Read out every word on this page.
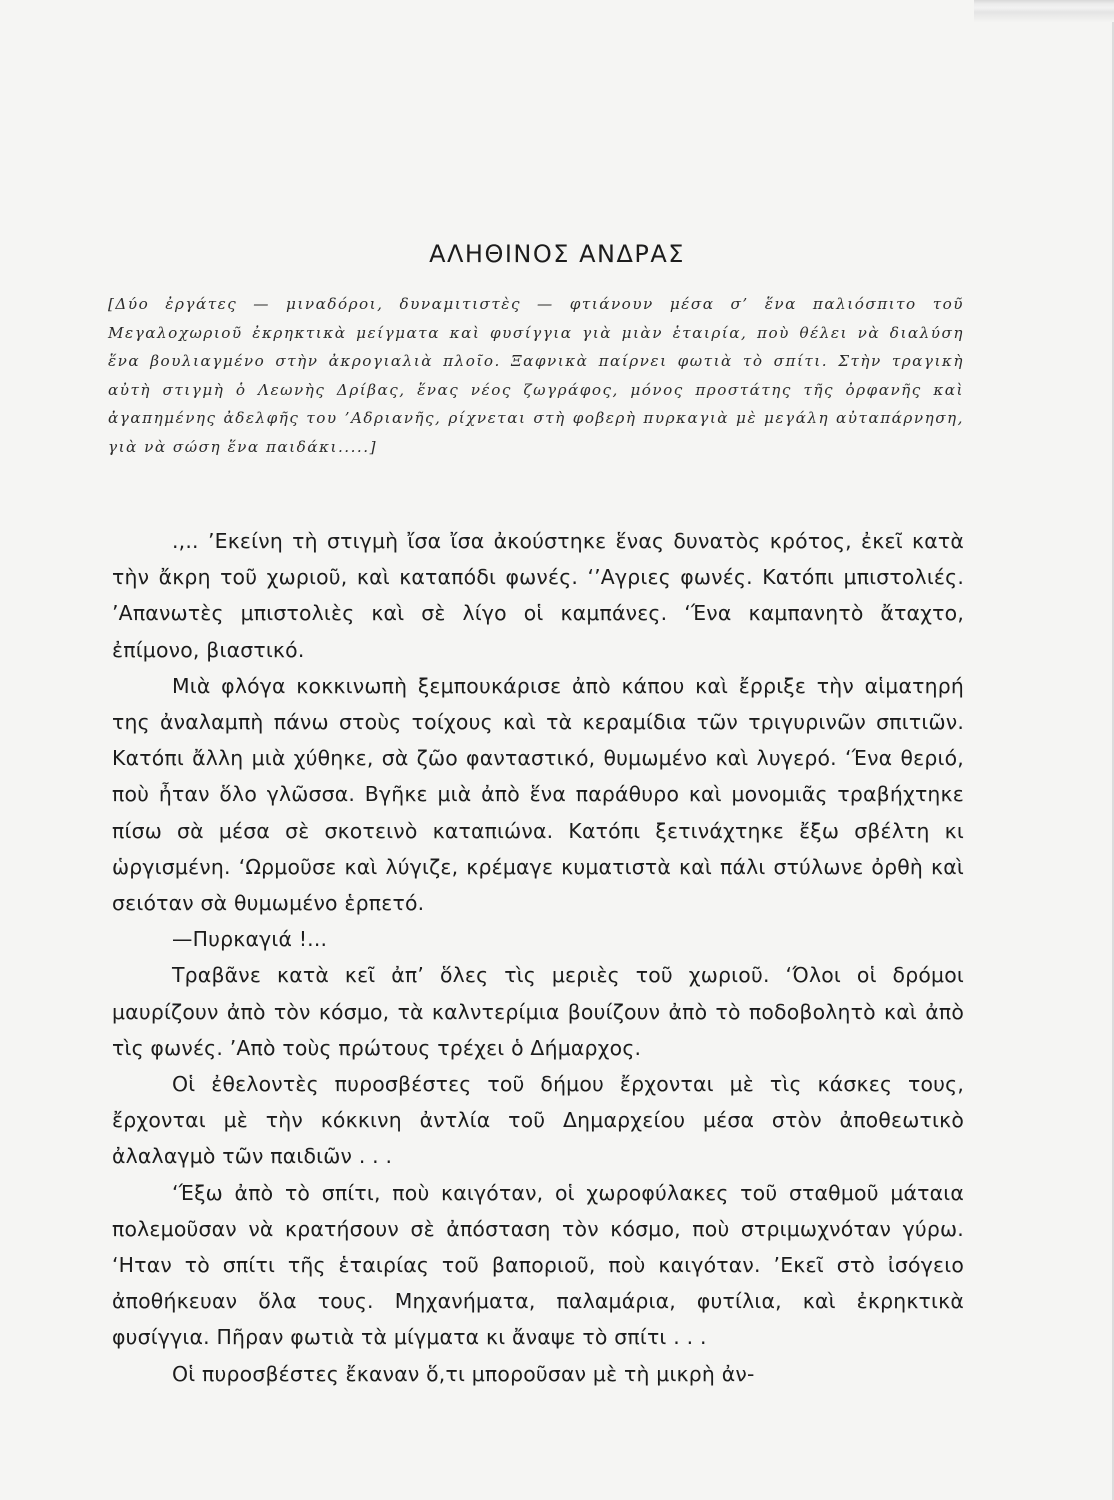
ΑΛΗΘΙΝΟΣ ΑΝΔΡΑΣ
[Δύο ἐργάτες — μιναδόροι, δυναμιτιστὲς — φτιάνουν μέσα σ’ ἕνα παλιόσπιτο τοῦ Μεγαλοχωριοῦ ἐκρηκτικὰ μείγματα καὶ φυσίγγια γιὰ μιὰν ἑταιρία, ποὺ θέλει νὰ διαλύση ἕνα βουλιαγμένο στὴν ἀκρογιαλιὰ πλοῖο. Ξαφνικὰ παίρνει φωτιὰ τὸ σπίτι. Στὴν τραγικὴ αὐτὴ στιγμὴ ὁ Λεωνὴς Δρίβας, ἕνας νέος ζωγράφος, μόνος προστάτης τῆς ὀρφανῆς καὶ ἀγαπημένης ἀδελφῆς του ’Αδριανῆς, ρίχνεται στὴ φοβερὴ πυρκαγιὰ μὲ μεγάλη αὐταπάρνηση, γιὰ νὰ σώση ἕνα παιδάκι.....]

.,.. ’Εκείνη τὴ στιγμὴ ἴσα ἴσα ἀκούστηκε ἕνας δυνατὸς κρότος, ἐκεῖ κατὰ τὴν ἄκρη τοῦ χωριοῦ, καὶ καταπόδι φωνές. ‘’Αγριες φωνές. Κατόπι μπιστολιές. ’Απανωτὲς μπιστολιὲς καὶ σὲ λίγο οἱ καμπάνες. ‘Ένα καμπανητὸ ἄταχτο, ἐπίμονο, βιαστικό.

Μιὰ φλόγα κοκκινωπὴ ξεμπουκάρισε ἀπὸ κάπου καὶ ἔρριξε τὴν αἱματηρή της ἀναλαμπὴ πάνω στοὺς τοίχους καὶ τὰ κεραμίδια τῶν τριγυρινῶν σπιτιῶν. Κατόπι ἄλλη μιὰ χύθηκε, σὰ ζῶο φανταστικό, θυμωμένο καὶ λυγερό. ‘Ένα θεριό, ποὺ ἦταν ὅλο γλῶσσα. Βγῆκε μιὰ ἀπὸ ἕνα παράθυρο καὶ μονομιᾶς τραβήχτηκε πίσω σὰ μέσα σὲ σκοτεινὸ καταπιώνα. Κατόπι ξετινάχτηκε ἔξω σβέλτη κι ὡργισμένη. ‘Ωρμοῦσε καὶ λύγιζε, κρέμαγε κυματιστὰ καὶ πάλι στύλωνε ὀρθὴ καὶ σειόταν σὰ θυμωμένο ἑρπετό.

—Πυρκαγιά !...

Τραβᾶνε κατὰ κεῖ ἀπ’ ὅλες τὶς μεριὲς τοῦ χωριοῦ. ‘Όλοι οἱ δρόμοι μαυρίζουν ἀπὸ τὸν κόσμο, τὰ καλντερίμια βουίζουν ἀπὸ τὸ ποδοβολητὸ καὶ ἀπὸ τὶς φωνές. ’Απὸ τοὺς πρώτους τρέχει ὁ Δήμαρχος.

Οἱ ἐθελοντὲς πυροσβέστες τοῦ δήμου ἔρχονται μὲ τὶς κάσκες τους, ἔρχονται μὲ τὴν κόκκινη ἀντλία τοῦ Δημαρχείου μέσα στὸν ἀποθεωτικὸ ἀλαλαγμὸ τῶν παιδιῶν . . .

‘Έξω ἀπὸ τὸ σπίτι, ποὺ καιγόταν, οἱ χωροφύλακες τοῦ σταθμοῦ μάταια πολεμοῦσαν νὰ κρατήσουν σὲ ἀπόσταση τὸν κόσμο, ποὺ στριμωχνόταν γύρω. ‘Ηταν τὸ σπίτι τῆς ἑταιρίας τοῦ βαποριοῦ, ποὺ καιγόταν. ’Εκεῖ στὸ ἰσόγειο ἀποθήκευαν ὅλα τους. Μηχανήματα, παλαμάρια, φυτίλια, καὶ ἐκρηκτικὰ φυσίγγια. Πῆραν φωτιὰ τὰ μίγματα κι ἄναψε τὸ σπίτι . . .

Οἱ πυροσβέστες ἔκαναν ὅ,τι μποροῦσαν μὲ τὴ μικρὴ ἀν-
